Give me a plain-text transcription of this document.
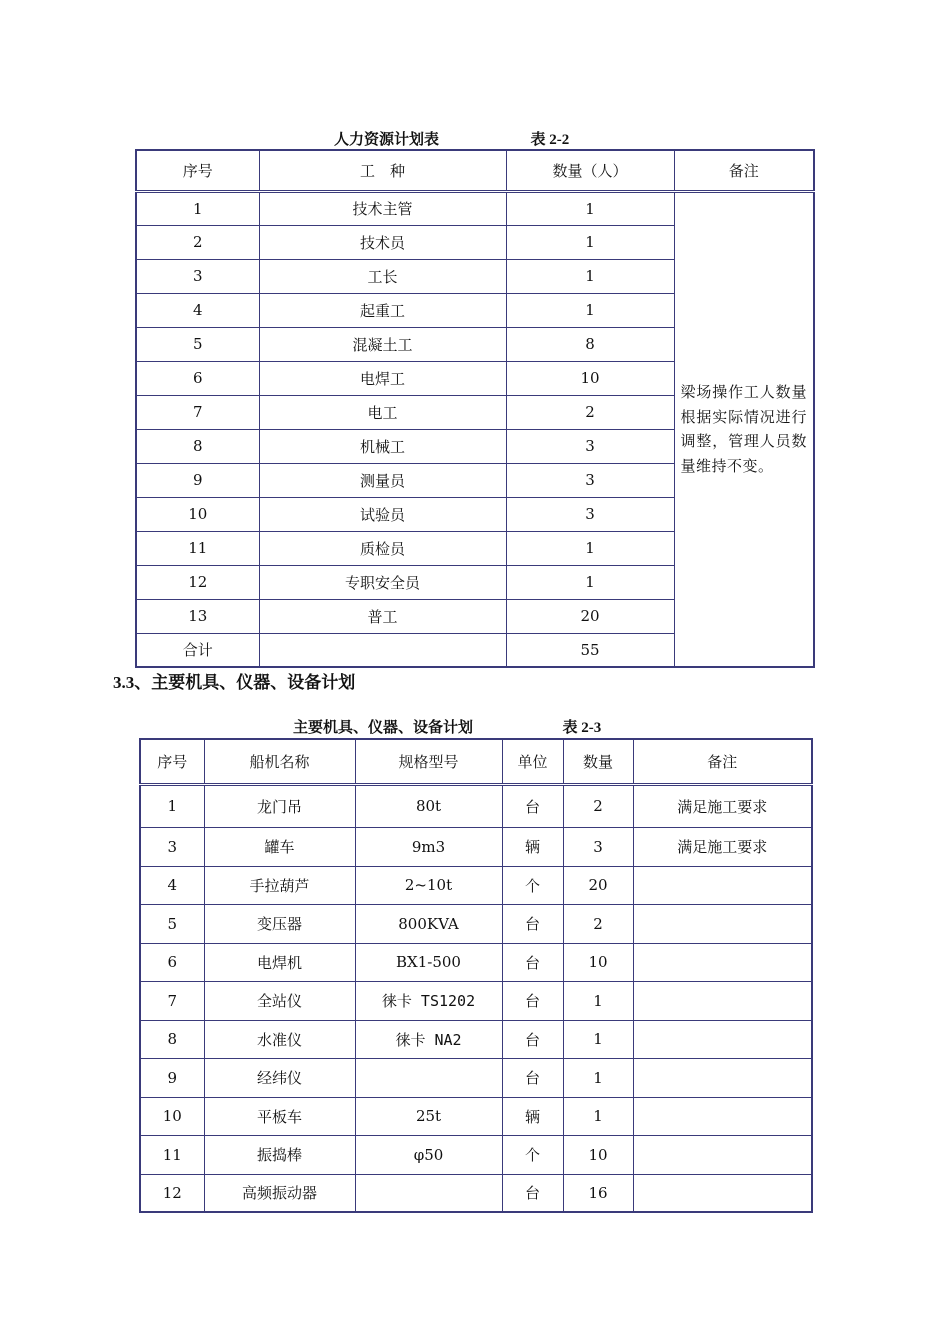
人力资源计划表	表 2-2
序号	工　种	数量（人）	备注
1	技术主管	1	梁场操作工人数量根据实际情况进行调整，管理人员数量维持不变。
2	技术员	1	
3	工长	1	
4	起重工	1	
5	混凝土工	8	
6	电焊工	10	
7	电工	2	
8	机械工	3	
9	测量员	3	
10	试验员	3	
11	质检员	1	
12	专职安全员	1	
13	普工	20	
合计		55	
3.3、主要机具、仪器、设备计划
主要机具、仪器、设备计划	表 2-3
序号	船机名称	规格型号	单位	数量	备注
1	龙门吊	80t	台	2	满足施工要求
3	罐车	9m3	辆	3	满足施工要求
4	手拉葫芦	2~10t	个	20	
5	变压器	800KVA	台	2	
6	电焊机	BX1-500	台	10	
7	全站仪	徕卡 TS1202	台	1	
8	水准仪	徕卡 NA2	台	1	
9	经纬仪		台	1	
10	平板车	25t	辆	1	
11	振捣棒	φ50	个	10	
12	高频振动器		台	16	
